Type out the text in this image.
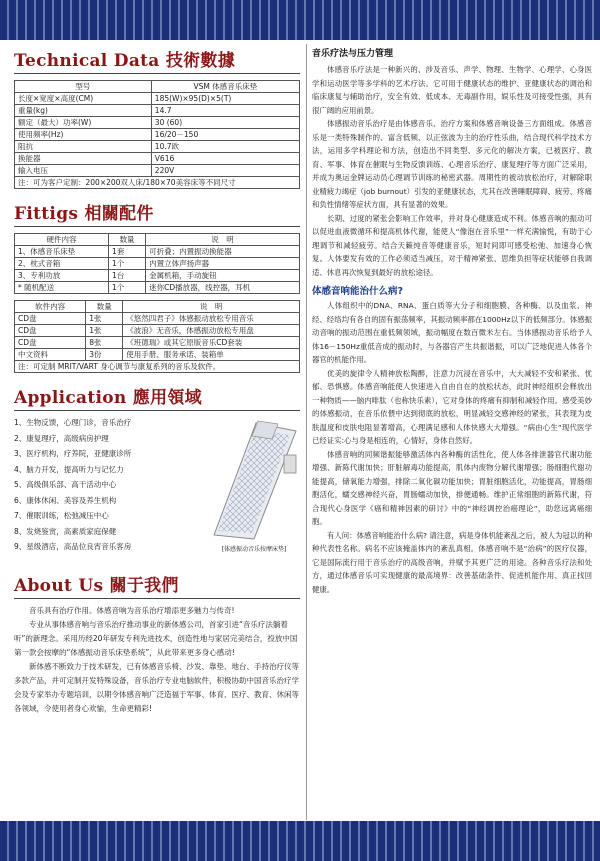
Technical Data 技術數據
型号	VSM 体感音乐床垫
长度×宽度×高度(CM)	185(W)×95(D)×5(T)
重量(kg)	14.7
额定（最大）功率(W)	30 (60)
使用频率(Hz)	16/20－150
阻抗	10.7欧
换能器	V616
输入电压	220V
注：可为客户定制：200×200双人床/180×70美容床等不同尺寸
Fittigs 相關配件
硬件内容	数量	说　明
1、体感音乐床垫	1套	可折叠；内置振动换能器
2、枕式音箱	1个	内置立体声扬声器
3、专利功放	1台	金属机箱，手动旋钮
* 随机配送	1个	迷你CD播放器，线控器，耳机
软件内容	数量	说　明
CD盘	1张	《悠然四君子》体感振动放松专用音乐
CD盘	1张	《波浪》无音乐，体感振动放松专用盘
CD盘	8张	《班德瑞》或其它原版音乐CD套装
中文资料	3份	使用手册、服务承诺、装箱单
注：可定制 MRIT/VART 身心调节与康复系列的音乐及软件。
Application 應用領域
1、生物反馈，心理门诊，音乐治疗
2、康复理疗，高级病房护理
3、医疗机构，疗养院，亚健康诊所
4、脑力开发，提高听力与记忆力
5、高级俱乐部、高干活动中心
6、康体休闲、美容及养生机构
7、催眠训练，松弛减压中心
8、发烧鉴赏，高素质家庭保健
9、星级酒店，高品位良宵音乐客房	[体感振动音乐按摩床垫]
About Us 關于我們

音乐具有治疗作用。体感音响为音乐治疗增添更多魅力与传奇!

专业从事体感音响与音乐治疗推动事业的新体感公司，首家引进“音乐疗法躺着听”的新理念。采用历经20年研发专利先进技术，创造性地与家居完美结合，投放中国第一款会按摩的“体感振动音乐床垫系统”，从此带来更多身心感动!

新体感不断致力于技术研发，已有体感音乐椅、沙发、靠垫、地台、手持治疗仪等多款产品，并可定制开发特殊设备，音乐治疗专业电脑软件，积极协助中国音乐治疗学会及专家举办专题培训，以期令体感音响广泛造福于军事、体育、医疗、教育、休闲等各领域，令使用者身心欢愉，生命更精彩!

音乐疗法与压力管理

体感音乐疗法是一种新兴的、涉及音乐、声学、物理、生物学、心理学、心身医学和运动医学等多学科的艺术疗法。它可用于健康状态的维护、亚健康状态的调治和临床康复与辅助治疗，安全有效、低成本、无毒副作用，娱乐性及可接受性强，具有很广阔的应用前景。

体感振动音乐治疗是由体感音乐、治疗方案和体感音响设备三方面组成。体感音乐是一类特殊制作的、富含低频、以正弦波为主的治疗性乐曲，结合现代科学技术方法，运用多学科理论和方法，创造出不同类型、多元化的解决方案，已被医疗、教育、军事、体育在催眠与生物反馈训练、心理音乐治疗、康复理疗等方面广泛采用，并成为奥运金牌运动员心理调节训练的秘密武器。周期性的被动放松治疗，对解除职业精疲力竭症（job burnout）引发的亚健康状态，尤其在改善睡眠障碍、疲劳、疼痛和负性情绪等症状方面，具有显著的效果。

长期、过度的紧张会影响工作效率，并对身心健康造成不利。体感音响的振动可以促进血液微循环和提高机体代谢，能使人“像泡在音乐里”一样充满愉悦，有助于心理调节和减轻疲劳。结合天籁纯音等健康音乐，短时间即可感受松弛、加速身心恢复。人体要发有效的工作必须适当减压，对于精神紧张、思维负担等症状能够自我调适、休息再次恢复到最好的放松途径。

体感音响能治什么病?

人体组织中的DNA、RNA、蛋白质等大分子和细胞膜、各种酶、以及血浆、神经、经络均有各自的固有振荡频率，其振动频率都在1000Hz以下的低频部分。体感振动音响的振动范围在重低频领域，振动幅度在数百微米左右。当体感振动音乐给予人体16－150Hz重低音成的振动时，与各器官产生共振谐振，可以广泛地促进人体各个器官的机能作用。

优美的旋律令人精神放松陶醉，注意力沉浸在音乐中，大大减轻不安和紧张、忧郁、恐惧感。体感音响能使人快速进入自由自在的放松状态，此时神经组织会释放出一种物质——脑内啡肽（也称快乐素），它对身体的疼痛有抑制和减轻作用。感受美妙的体感振动，在音乐依偎中达到彻底的放松，明显减轻交感神经的紧张，其表现为皮肤温度和皮肤电阻显著增高，心理满足感和人体快感大大增强。“病由心生”现代医学已经证实:心与身是相连的，心情好，身体自然好。

体感音响的同频谐振能够激活体内各种酶的活性化，使人体各排泄器官代谢功能增强、新陈代谢加快；肝脏解毒功能提高，肌体内废物分解代谢增强；肠细胞代谢功能提高，储氧能力增强，排除二氧化碳功能加快；胃脏细胞活化，功能提高，胃肠细胞活化，蠕交感神经兴奋，胃肠蠕动加快，排便通畅。维护正常细胞的新陈代谢，符合现代心身医学《癌和精神因素的研讨》中的“神经调控治癌理论”，助您远离癌细胞。

有人问：体感音响能治什么病? 请注意，病是身体机能紊乱之后，被人为冠以的种种代表性名称。病名不应该掩盖体内的紊乱真相。体感音响不是“治病”的医疗仪器，它是国际流行用于音乐治疗的高级音响，并赋予其更广泛的用途。各种音乐疗法和处方，通过体感音乐可实现健康的最高境界：改善基础条件、促进机能作用、真正找回健康。
